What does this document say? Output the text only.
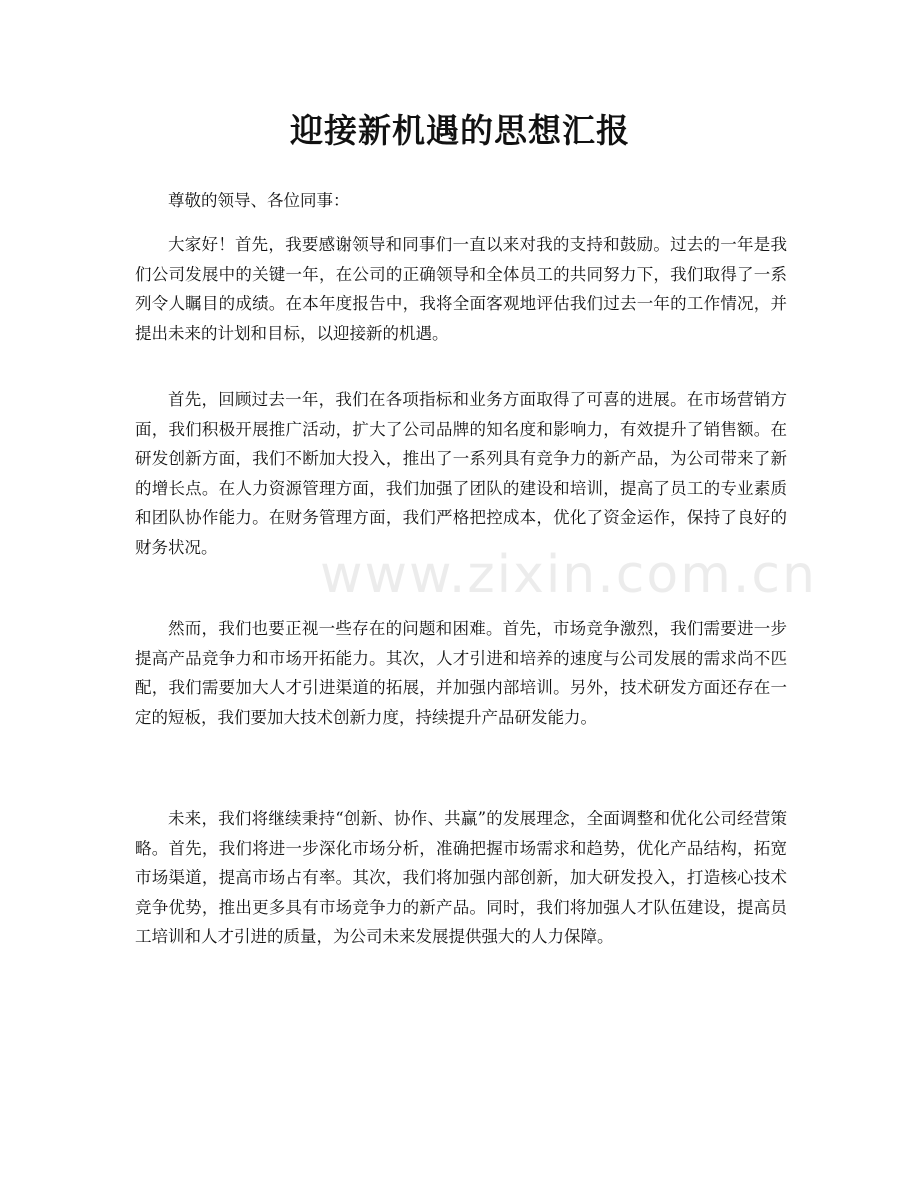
迎接新机遇的思想汇报

尊敬的领导、各位同事：

大家好！首先，我要感谢领导和同事们一直以来对我的支持和鼓励。过去的一年是我们公司发展中的关键一年，在公司的正确领导和全体员工的共同努力下，我们取得了一系列令人瞩目的成绩。在本年度报告中，我将全面客观地评估我们过去一年的工作情况，并提出未来的计划和目标，以迎接新的机遇。

首先，回顾过去一年，我们在各项指标和业务方面取得了可喜的进展。在市场营销方面，我们积极开展推广活动，扩大了公司品牌的知名度和影响力，有效提升了销售额。在研发创新方面，我们不断加大投入，推出了一系列具有竞争力的新产品，为公司带来了新的增长点。在人力资源管理方面，我们加强了团队的建设和培训，提高了员工的专业素质和团队协作能力。在财务管理方面，我们严格把控成本，优化了资金运作，保持了良好的财务状况。

然而，我们也要正视一些存在的问题和困难。首先，市场竞争激烈，我们需要进一步提高产品竞争力和市场开拓能力。其次，人才引进和培养的速度与公司发展的需求尚不匹配，我们需要加大人才引进渠道的拓展，并加强内部培训。另外，技术研发方面还存在一定的短板，我们要加大技术创新力度，持续提升产品研发能力。

未来，我们将继续秉持“创新、协作、共赢”的发展理念，全面调整和优化公司经营策略。首先，我们将进一步深化市场分析，准确把握市场需求和趋势，优化产品结构，拓宽市场渠道，提高市场占有率。其次，我们将加强内部创新，加大研发投入，打造核心技术竞争优势，推出更多具有市场竞争力的新产品。同时，我们将加强人才队伍建设，提高员工培训和人才引进的质量，为公司未来发展提供强大的人力保障。

www.zixin.com.cn
